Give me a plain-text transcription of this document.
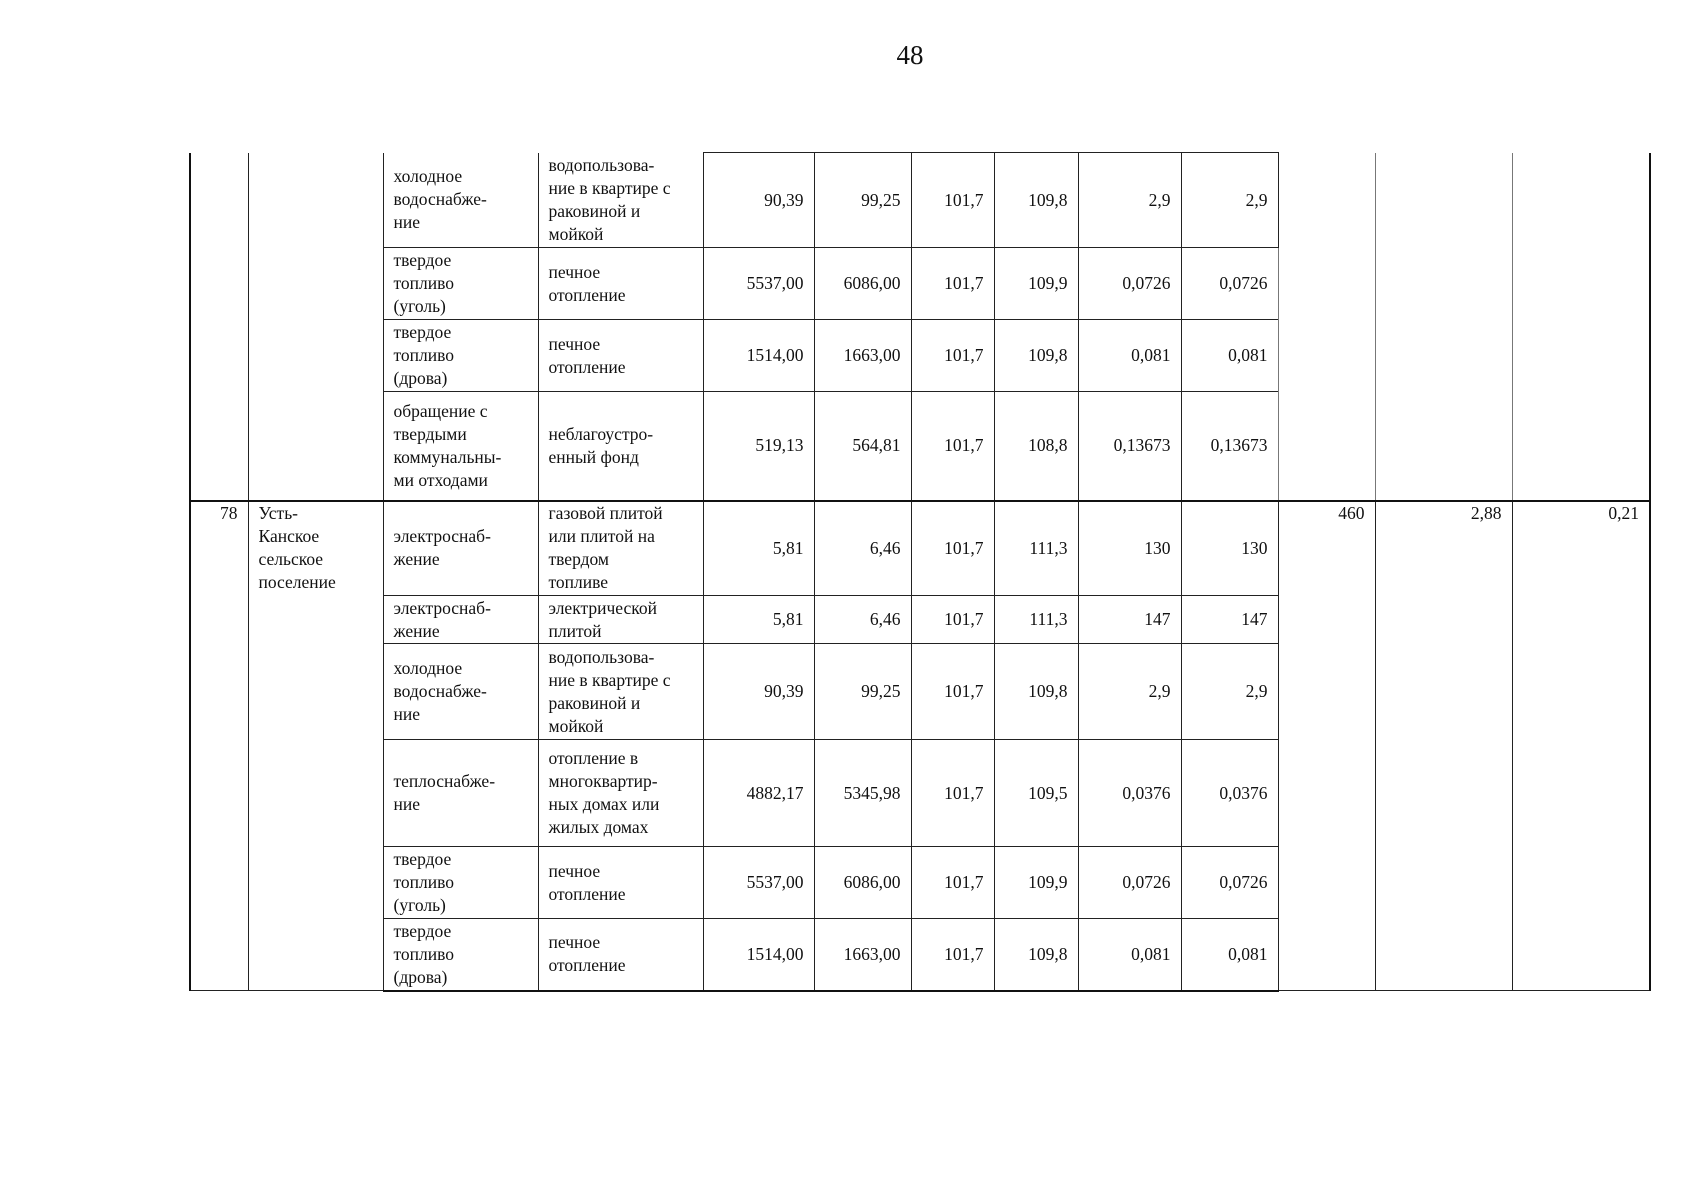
48

		холодное
водоснабже-
ние	водопользова-
ние в квартире с
раковиной и
мойкой	90,39	99,25	101,7	109,8	2,9	2,9			

		твердое
топливо
(уголь)	печное
отопление	5537,00	6086,00	101,7	109,9	0,0726	0,0726			

		твердое
топливо
(дрова)	печное
отопление	1514,00	1663,00	101,7	109,8	0,081	0,081			

		обращение с
твердыми
коммунальны-
ми отходами	неблагоустро-
енный фонд	519,13	564,81	101,7	108,8	0,13673	0,13673			
78	Усть-
Канское
сельское
поселение	электроснаб-
жение	газовой плитой
или плитой на
твердом
топливе	5,81	6,46	101,7	111,3	130	130	460	2,88	0,21

		электроснаб-
жение	электрической
плитой	5,81	6,46	101,7	111,3	147	147			

		холодное
водоснабже-
ние	водопользова-
ние в квартире с
раковиной и
мойкой	90,39	99,25	101,7	109,8	2,9	2,9			

		теплоснабже-
ние	отопление в
многоквартир-
ных домах или
жилых домах	4882,17	5345,98	101,7	109,5	0,0376	0,0376			

		твердое
топливо
(уголь)	печное
отопление	5537,00	6086,00	101,7	109,9	0,0726	0,0726			

		твердое
топливо
(дрова)	печное
отопление	1514,00	1663,00	101,7	109,8	0,081	0,081			
